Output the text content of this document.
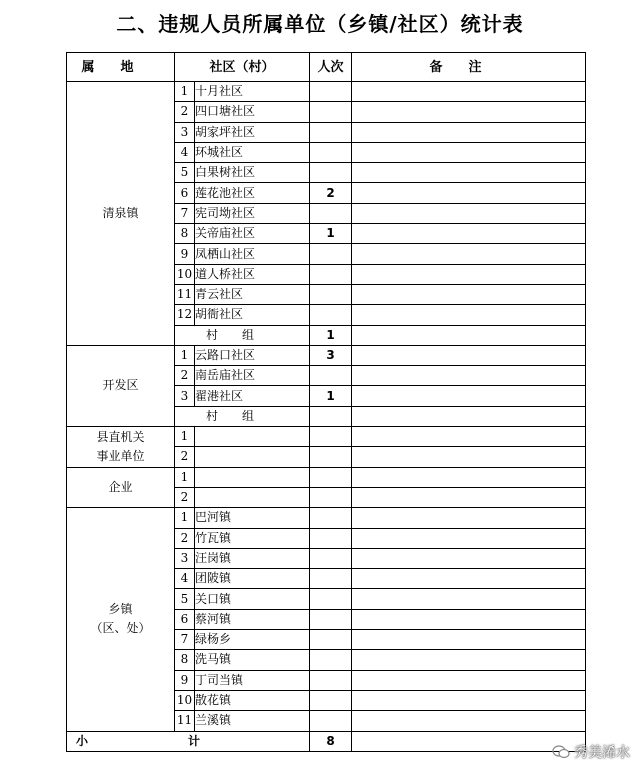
二、违规人员所属单位（乡镇/社区）统计表
属地	社区（村）		人次	备注
清泉镇	1	十月社区		
	2	四口塘社区		
	3	胡家坪社区		
	4	环城社区		
	5	白果树社区		
	6	莲花池社区	2	
	7	宪司坳社区		
	8	关帝庙社区	1	
	9	凤栖山社区		
	10	道人桥社区		
	11	青云社区		
	12	胡衙社区		
	村组		1	
开发区	1	云路口社区	3	
	2	南岳庙社区		
	3	翟港社区	1	
	村组			
县直机关
事业单位	1			
	2			
企业	1			
	2			
乡镇
（区、处）	1	巴河镇		
	2	竹瓦镇		
	3	汪岗镇		
	4	团陂镇		
	5	关口镇		
	6	蔡河镇		
	7	绿杨乡		
	8	洗马镇		
	9	丁司当镇		
	10	散花镇		
	11	兰溪镇		
小计			8	
秀美浠水
